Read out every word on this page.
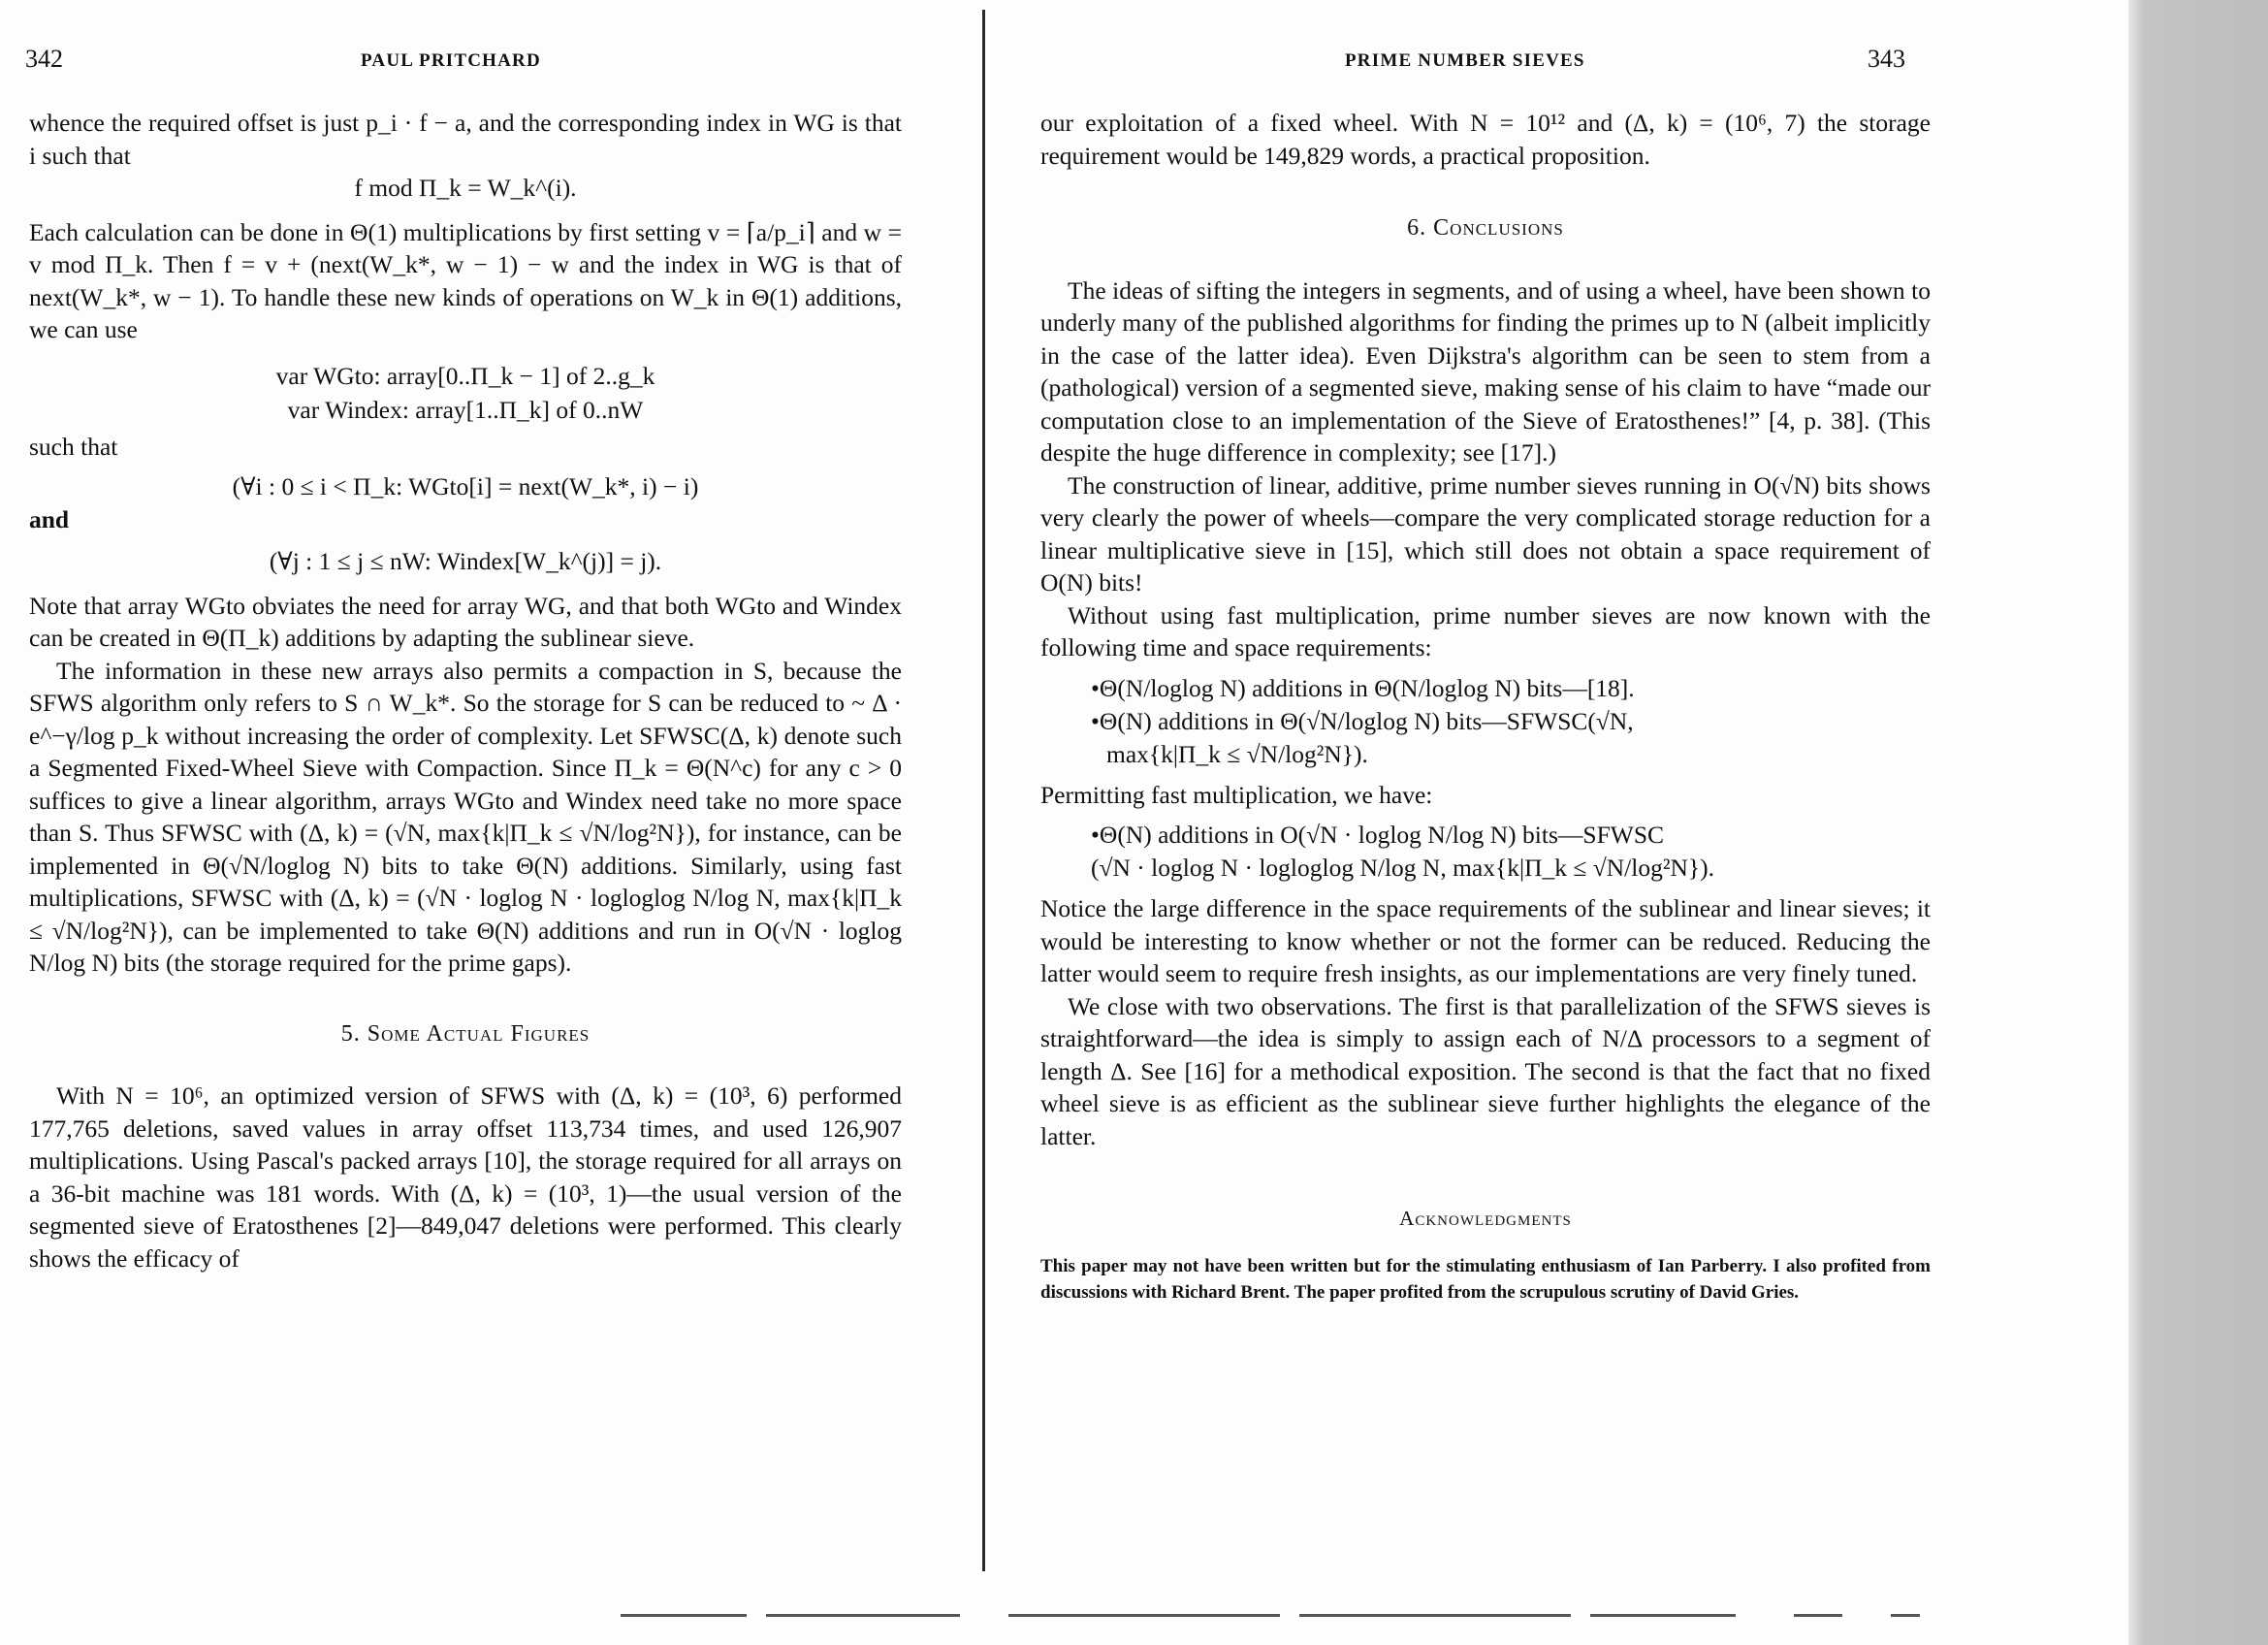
342	PAUL PRITCHARD

whence the required offset is just p_i · f − a, and the corresponding index in WG is that i such that

f mod Π_k = W_k^(i).

Each calculation can be done in Θ(1) multiplications by first setting v = ⌈a/p_i⌉ and w = v mod Π_k. Then f = v + (next(W_k*, w − 1) − w and the index in WG is that of next(W_k*, w − 1). To handle these new kinds of operations on W_k in Θ(1) additions, we can use

var WGto: array[0..Π_k − 1] of 2..g_k

var Windex: array[1..Π_k] of 0..nW

such that

(∀i : 0 ≤ i < Π_k: WGto[i] = next(W_k*, i) − i)

and

(∀j : 1 ≤ j ≤ nW: Windex[W_k^(j)] = j).

Note that array WGto obviates the need for array WG, and that both WGto and Windex can be created in Θ(Π_k) additions by adapting the sublinear sieve.

The information in these new arrays also permits a compaction in S, because the SFWS algorithm only refers to S ∩ W_k*. So the storage for S can be reduced to ~ Δ · e^−γ/log p_k without increasing the order of complexity. Let SFWSC(Δ, k) denote such a Segmented Fixed-Wheel Sieve with Compaction. Since Π_k = Θ(N^c) for any c > 0 suffices to give a linear algorithm, arrays WGto and Windex need take no more space than S. Thus SFWSC with (Δ, k) = (√N, max{k|Π_k ≤ √N/log²N}), for instance, can be implemented in Θ(√N/loglog N) bits to take Θ(N) additions. Similarly, using fast multiplications, SFWSC with (Δ, k) = (√N · loglog N · logloglog N/log N, max{k|Π_k ≤ √N/log²N}), can be implemented to take Θ(N) additions and run in O(√N · loglog N/log N) bits (the storage required for the prime gaps).

5. Some Actual Figures

With N = 10⁶, an optimized version of SFWS with (Δ, k) = (10³, 6) performed 177,765 deletions, saved values in array offset 113,734 times, and used 126,907 multiplications. Using Pascal's packed arrays [10], the storage required for all arrays on a 36-bit machine was 181 words. With (Δ, k) = (10³, 1)—the usual version of the segmented sieve of Eratosthenes [2]—849,047 deletions were performed. This clearly shows the efficacy of

PRIME NUMBER SIEVES	343

our exploitation of a fixed wheel. With N = 10¹² and (Δ, k) = (10⁶, 7) the storage requirement would be 149,829 words, a practical proposition.

6. Conclusions

The ideas of sifting the integers in segments, and of using a wheel, have been shown to underly many of the published algorithms for finding the primes up to N (albeit implicitly in the case of the latter idea). Even Dijkstra's algorithm can be seen to stem from a (pathological) version of a segmented sieve, making sense of his claim to have “made our computation close to an implementation of the Sieve of Eratosthenes!” [4, p. 38]. (This despite the huge difference in complexity; see [17].)

The construction of linear, additive, prime number sieves running in O(√N) bits shows very clearly the power of wheels—compare the very complicated storage reduction for a linear multiplicative sieve in [15], which still does not obtain a space requirement of O(N) bits!

Without using fast multiplication, prime number sieves are now known with the following time and space requirements:

•Θ(N/loglog N) additions in Θ(N/loglog N) bits—[18].
•Θ(N) additions in Θ(√N/loglog N) bits—SFWSC(√N,
max{k|Π_k ≤ √N/log²N}).

Permitting fast multiplication, we have:

•Θ(N) additions in O(√N · loglog N/log N) bits—SFWSC
(√N · loglog N · logloglog N/log N, max{k|Π_k ≤ √N/log²N}).

Notice the large difference in the space requirements of the sublinear and linear sieves; it would be interesting to know whether or not the former can be reduced. Reducing the latter would seem to require fresh insights, as our implementations are very finely tuned.

We close with two observations. The first is that parallelization of the SFWS sieves is straightforward—the idea is simply to assign each of N/Δ processors to a segment of length Δ. See [16] for a methodical exposition. The second is that the fact that no fixed wheel sieve is as efficient as the sublinear sieve further highlights the elegance of the latter.

Acknowledgments

This paper may not have been written but for the stimulating enthusiasm of Ian Parberry. I also profited from discussions with Richard Brent. The paper profited from the scrupulous scrutiny of David Gries.
